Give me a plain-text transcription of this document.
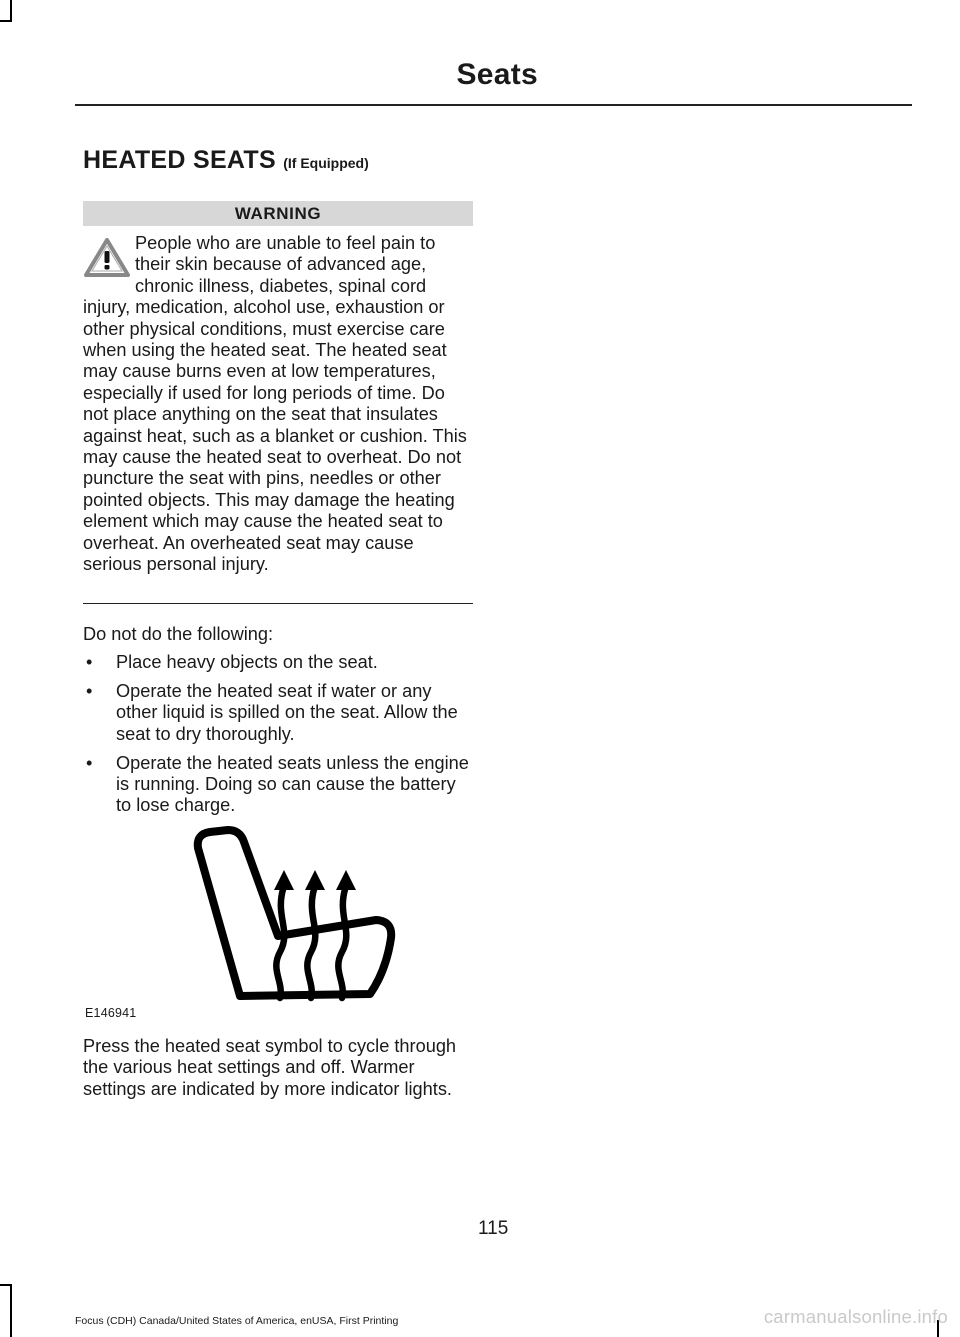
Seats
HEATED SEATS (If Equipped)
WARNING

People who are unable to feel pain to their skin because of advanced age, chronic illness, diabetes, spinal cord injury, medication, alcohol use, exhaustion or other physical conditions, must exercise care when using the heated seat. The heated seat may cause burns even at low temperatures, especially if used for long periods of time. Do not place anything on the seat that insulates against heat, such as a blanket or cushion. This may cause the heated seat to overheat. Do not puncture the seat with pins, needles or other pointed objects. This may damage the heating element which may cause the heated seat to overheat. An overheated seat may cause serious personal injury.

Do not do the following:

• Place heavy objects on the seat.
• Operate the heated seat if water or any other liquid is spilled on the seat. Allow the seat to dry thoroughly.
• Operate the heated seats unless the engine is running. Doing so can cause the battery to lose charge.
E146941

Press the heated seat symbol to cycle through the various heat settings and off. Warmer settings are indicated by more indicator lights.

115
Focus (CDH) Canada/United States of America, enUSA, First Printing	carmanualsonline.info
